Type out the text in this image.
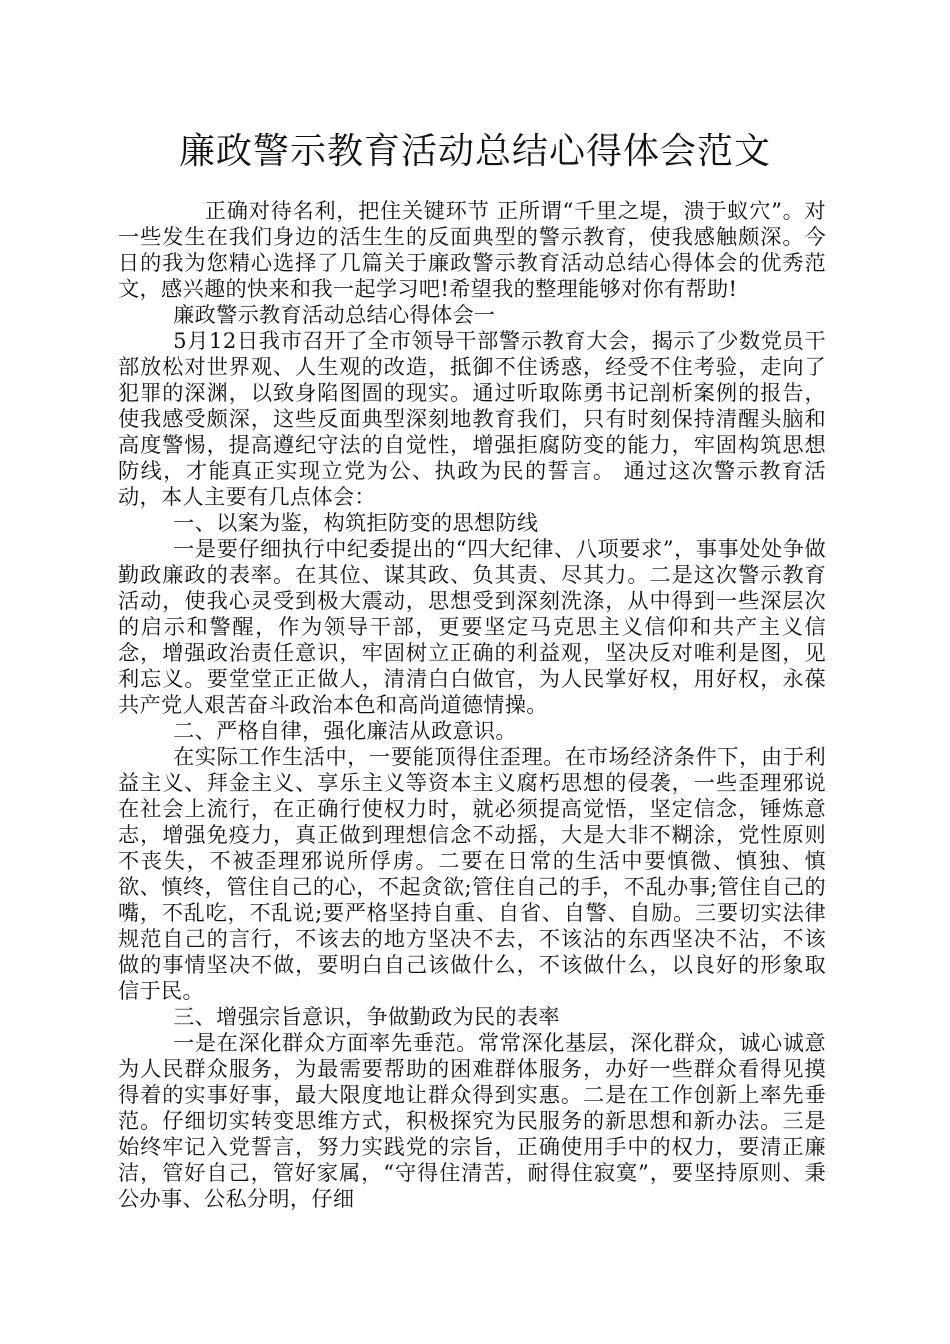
廉政警示教育活动总结心得体会范文

正确对待名利，把住关键环节 正所谓“千里之堤，溃于蚁穴”。对一些发生在我们身边的活生生的反面典型的警示教育，使我感触颇深。今日的我为您精心选择了几篇关于廉政警示教育活动总结心得体会的优秀范文，感兴趣的快来和我一起学习吧!希望我的整理能够对你有帮助!

廉政警示教育活动总结心得体会一

5月12日我市召开了全市领导干部警示教育大会，揭示了少数党员干部放松对世界观、人生观的改造，抵御不住诱惑，经受不住考验，走向了犯罪的深渊，以致身陷图圄的现实。通过听取陈勇书记剖析案例的报告，使我感受颇深，这些反面典型深刻地教育我们，只有时刻保持清醒头脑和高度警惕，提高遵纪守法的自觉性，增强拒腐防变的能力，牢固构筑思想防线，才能真正实现立党为公、执政为民的誓言。 通过这次警示教育活动，本人主要有几点体会：

一、以案为鉴，构筑拒防变的思想防线

一是要仔细执行中纪委提出的“四大纪律、八项要求”，事事处处争做勤政廉政的表率。在其位、谋其政、负其责、尽其力。二是这次警示教育活动，使我心灵受到极大震动，思想受到深刻洗涤，从中得到一些深层次的启示和警醒，作为领导干部，更要坚定马克思主义信仰和共产主义信念，增强政治责任意识，牢固树立正确的利益观，坚决反对唯利是图，见利忘义。要堂堂正正做人，清清白白做官，为人民掌好权，用好权，永葆共产党人艰苦奋斗政治本色和高尚道德情操。

二、严格自律，强化廉洁从政意识。

在实际工作生活中，一要能顶得住歪理。在市场经济条件下，由于利益主义、拜金主义、享乐主义等资本主义腐朽思想的侵袭，一些歪理邪说在社会上流行，在正确行使权力时，就必须提高觉悟，坚定信念，锤炼意志，增强免疫力，真正做到理想信念不动摇，大是大非不糊涂，党性原则不丧失，不被歪理邪说所俘虏。二要在日常的生活中要慎微、慎独、慎欲、慎终，管住自己的心，不起贪欲;管住自己的手，不乱办事;管住自己的嘴，不乱吃，不乱说;要严格坚持自重、自省、自警、自励。三要切实法律规范自己的言行，不该去的地方坚决不去，不该沾的东西坚决不沾，不该做的事情坚决不做，要明白自己该做什么，不该做什么，以良好的形象取信于民。

三、增强宗旨意识，争做勤政为民的表率

一是在深化群众方面率先垂范。常常深化基层，深化群众，诚心诚意为人民群众服务，为最需要帮助的困难群体服务，办好一些群众看得见摸得着的实事好事，最大限度地让群众得到实惠。二是在工作创新上率先垂范。仔细切实转变思维方式，积极探究为民服务的新思想和新办法。三是始终牢记入党誓言，努力实践党的宗旨，正确使用手中的权力，要清正廉洁，管好自己，管好家属，“守得住清苦，耐得住寂寞”，要坚持原则、秉公办事、公私分明，仔细
